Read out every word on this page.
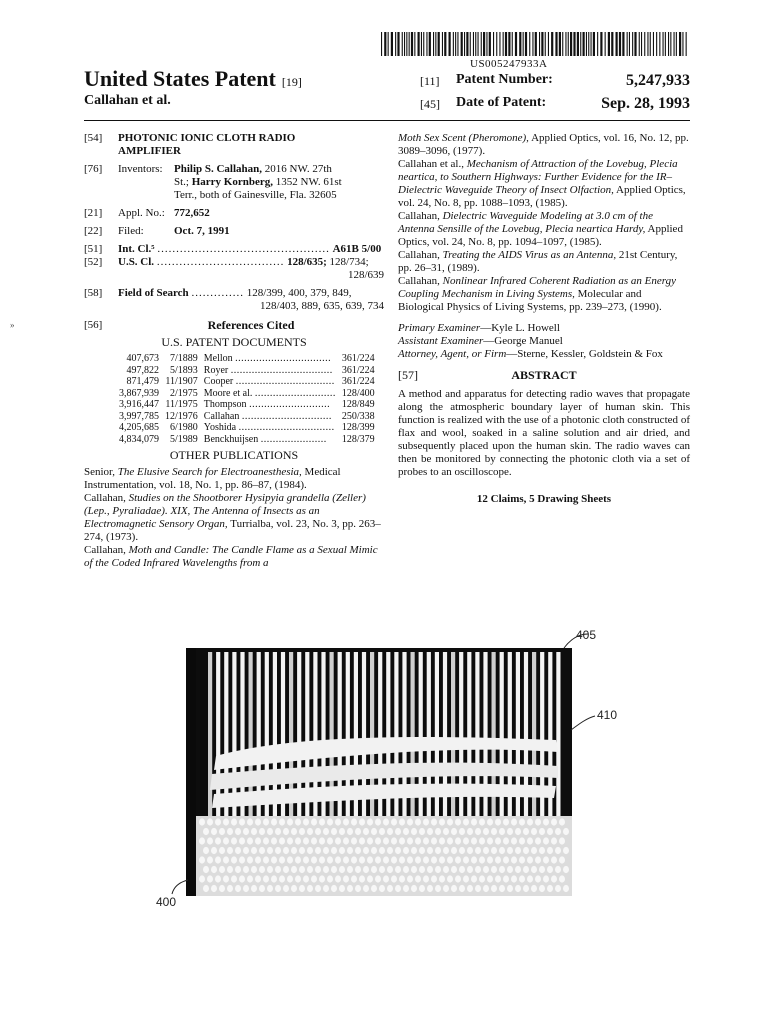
US005247933A
United States Patent [19]
Callahan et al.
[11] Patent Number:	5,247,933
[45] Date of Patent:	Sep. 28, 1993
[54] PHOTONIC IONIC CLOTH RADIO
AMPLIFIER
[76] Inventors: Philip S. Callahan, 2016 NW. 27th
St.; Harry Kornberg, 1352 NW. 61st
Terr., both of Gainesville, Fla. 32605
[21] Appl. No.: 772,652
[22] Filed:	Oct. 7, 1991
[51] Int. Cl.⁵ .............................................. A61B 5/00
[52] U.S. Cl. .................................. 128/635; 128/734;
128/639
[58] Field of Search .............. 128/399, 400, 379, 849,
128/403, 889, 635, 639, 734
[56]	References Cited
U.S. PATENT DOCUMENTS
407,673	7/1889	Mellon ................................	361/224
497,822	5/1893	Royer ..................................	361/224
871,479	11/1907	Cooper .................................	361/224
3,867,939	2/1975	Moore et al. ...........................	128/400
3,916,447	11/1975	Thompson ...........................	128/849
3,997,785	12/1976	Callahan ..............................	250/338
4,205,685	6/1980	Yoshida ................................	128/399
4,834,079	5/1989	Benckhuijsen ......................	128/379
OTHER PUBLICATIONS

Senior, The Elusive Search for Electroanesthesia, Medical Instrumentation, vol. 18, No. 1, pp. 86–87, (1984).

Callahan, Studies on the Shootborer Hysipyia grandella (Zeller) (Lep., Pyraliadae). XIX, The Antenna of Insects as an Electromagnetic Sensory Organ, Turrialba, vol. 23, No. 3, pp. 263–274, (1973).

Callahan, Moth and Candle: The Candle Flame as a Sexual Mimic of the Coded Infrared Wavelengths from a

Moth Sex Scent (Pheromone), Applied Optics, vol. 16, No. 12, pp. 3089–3096, (1977).

Callahan et al., Mechanism of Attraction of the Lovebug, Plecia neartica, to Southern Highways: Further Evidence for the IR–Dielectric Waveguide Theory of Insect Olfaction, Applied Optics, vol. 24, No. 8, pp. 1088–1093, (1985).

Callahan, Dielectric Waveguide Modeling at 3.0 cm of the Antenna Sensille of the Lovebug, Plecia neartica Hardy, Applied Optics, vol. 24, No. 8, pp. 1094–1097, (1985).

Callahan, Treating the AIDS Virus as an Antenna, 21st Century, pp. 26–31, (1989).

Callahan, Nonlinear Infrared Coherent Radiation as an Energy Coupling Mechanism in Living Systems, Molecular and Biological Physics of Living Systems, pp. 239–273, (1990).

Primary Examiner—Kyle L. Howell
Assistant Examiner—George Manuel
Attorney, Agent, or Firm—Sterne, Kessler, Goldstein & Fox
[57]	ABSTRACT
A method and apparatus for detecting radio waves that propagate along the atmospheric boundary layer of human skin. This function is realized with the use of a photonic cloth constructed of flax and wool, soaked in a saline solution and air dried, and subsequently placed upon the human skin. The radio waves can then be monitored by connecting the photonic cloth via a set of probes to an oscilloscope.
12 Claims, 5 Drawing Sheets
405
410
400
»
